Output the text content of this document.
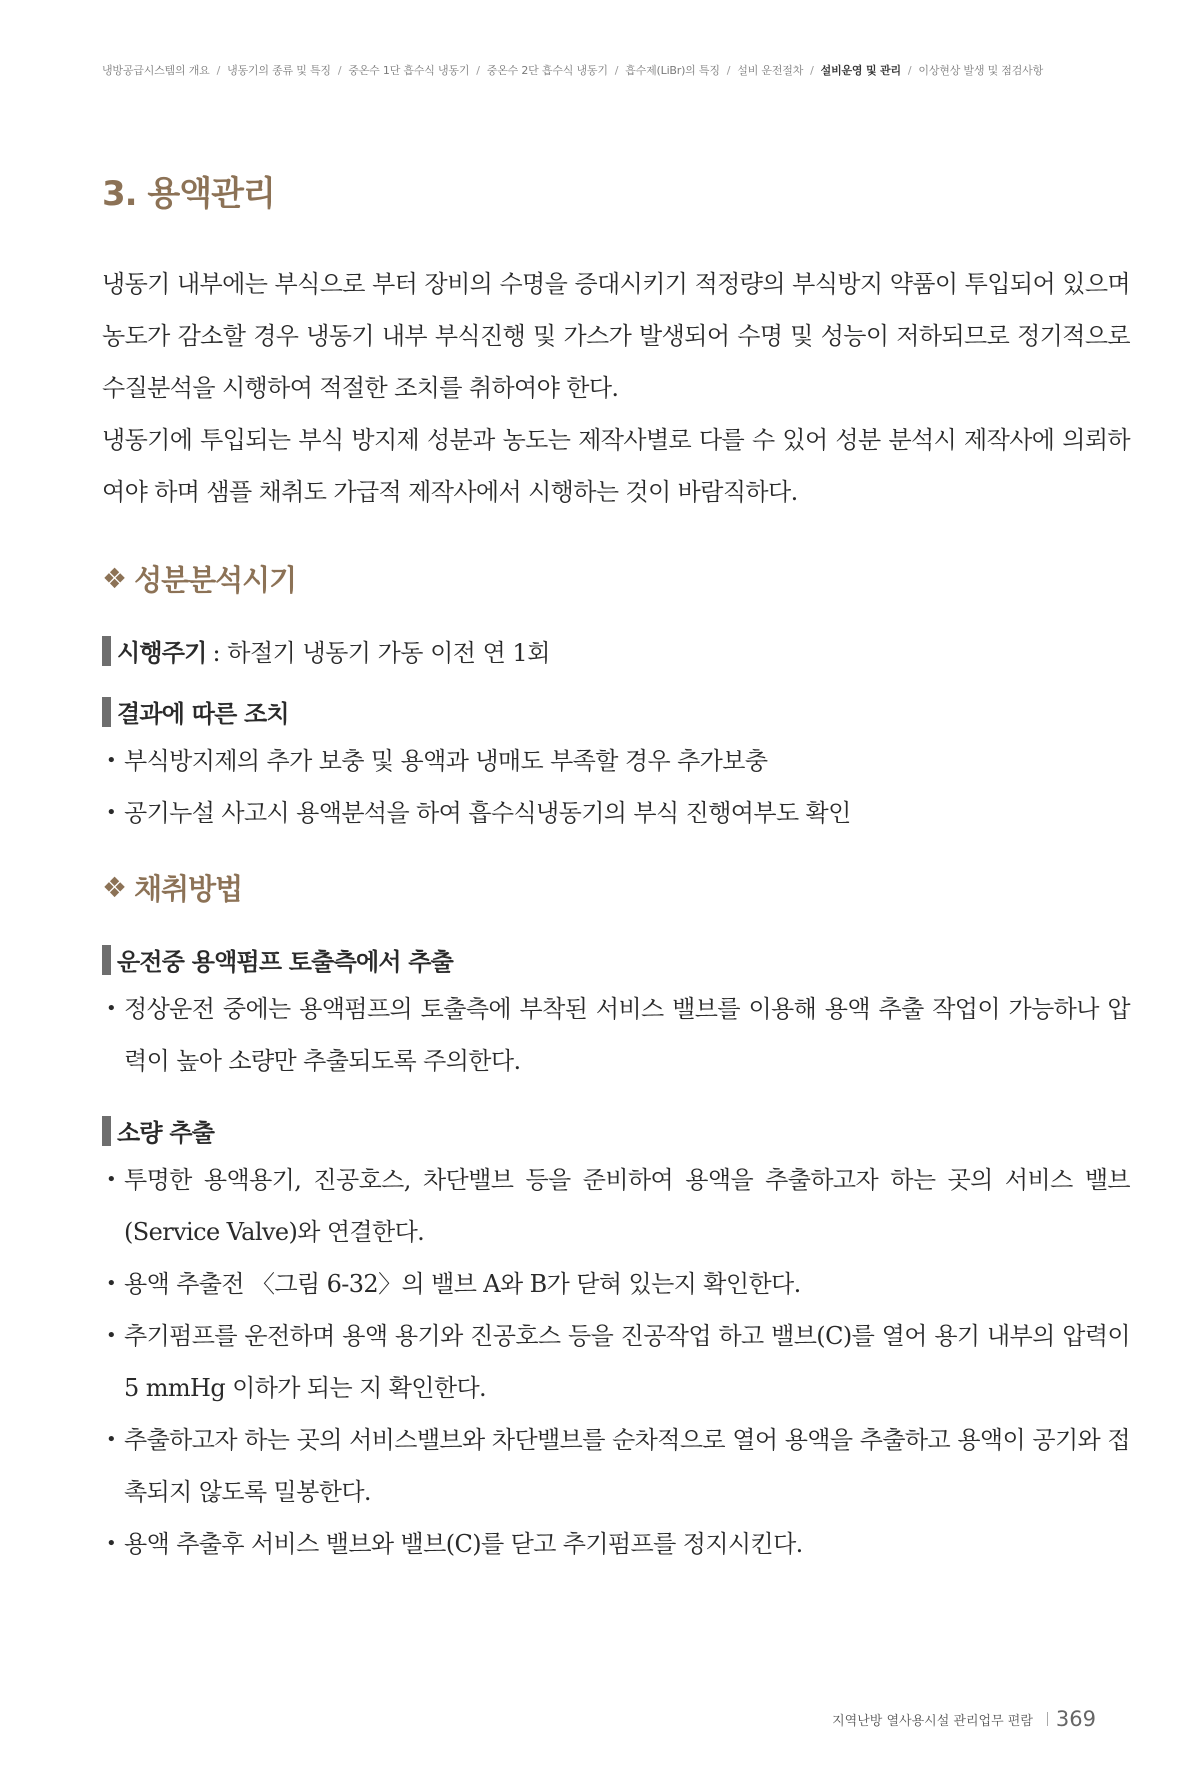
냉방공급시스템의 개요 / 냉동기의 종류 및 특징 / 중온수 1단 흡수식 냉동기 / 중온수 2단 흡수식 냉동기 / 흡수제(LiBr)의 특징 / 설비 운전절차 / 설비운영 및 관리 / 이상현상 발생 및 점검사항
3. 용액관리

냉동기 내부에는 부식으로 부터 장비의 수명을 증대시키기 적정량의 부식방지 약품이 투입되어 있으며 농도가 감소할 경우 냉동기 내부 부식진행 및 가스가 발생되어 수명 및 성능이 저하되므로 정기적으로 수질분석을 시행하여 적절한 조치를 취하여야 한다.

냉동기에 투입되는 부식 방지제 성분과 농도는 제작사별로 다를 수 있어 성분 분석시 제작사에 의뢰하여야 하며 샘플 채취도 가급적 제작사에서 시행하는 것이 바람직하다.

❖ 성분분석시기
시행주기 : 하절기 냉동기 가동 이전 연 1회
결과에 따른 조치
• 부식방지제의 추가 보충 및 용액과 냉매도 부족할 경우 추가보충
• 공기누설 사고시 용액분석을 하여 흡수식냉동기의 부식 진행여부도 확인
❖ 채취방법
운전중 용액펌프 토출측에서 추출
• 정상운전 중에는 용액펌프의 토출측에 부착된 서비스 밸브를 이용해 용액 추출 작업이 가능하나 압력이 높아 소량만 추출되도록 주의한다.
소량 추출
• 투명한 용액용기, 진공호스, 차단밸브 등을 준비하여 용액을 추출하고자 하는 곳의 서비스 밸브(Service Valve)와 연결한다.
• 용액 추출전 〈그림 6-32〉의 밸브 A와 B가 닫혀 있는지 확인한다.
• 추기펌프를 운전하며 용액 용기와 진공호스 등을 진공작업 하고 밸브(C)를 열어 용기 내부의 압력이 5 mmHg 이하가 되는 지 확인한다.
• 추출하고자 하는 곳의 서비스밸브와 차단밸브를 순차적으로 열어 용액을 추출하고 용액이 공기와 접촉되지 않도록 밀봉한다.
• 용액 추출후 서비스 밸브와 밸브(C)를 닫고 추기펌프를 정지시킨다.
지역난방 열사용시설 관리업무 편람 369
